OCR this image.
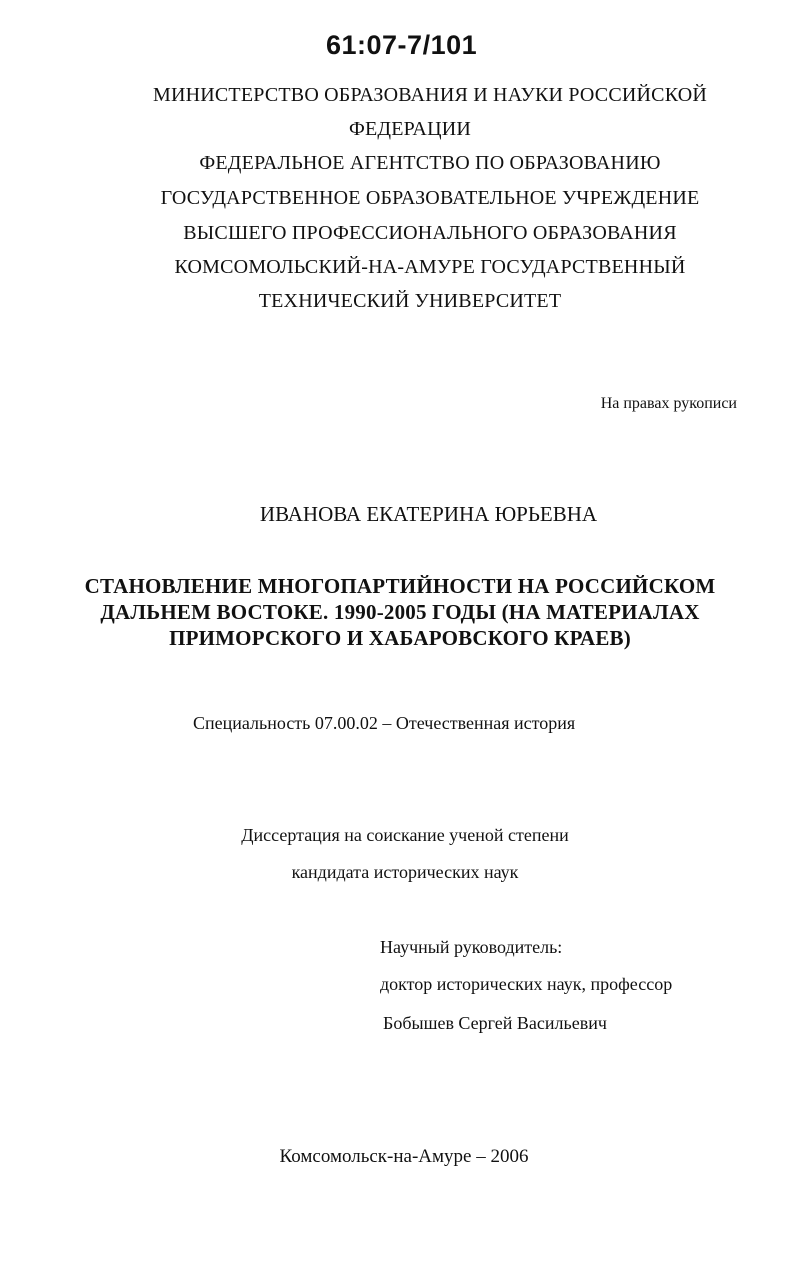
61:07-7/101
МИНИСТЕРСТВО ОБРАЗОВАНИЯ И НАУКИ РОССИЙСКОЙ
ФЕДЕРАЦИИ
ФЕДЕРАЛЬНОЕ АГЕНТСТВО ПО ОБРАЗОВАНИЮ
ГОСУДАРСТВЕННОЕ ОБРАЗОВАТЕЛЬНОЕ УЧРЕЖДЕНИЕ
ВЫСШЕГО ПРОФЕССИОНАЛЬНОГО ОБРАЗОВАНИЯ
КОМСОМОЛЬСКИЙ-НА-АМУРЕ ГОСУДАРСТВЕННЫЙ
ТЕХНИЧЕСКИЙ УНИВЕРСИТЕТ
На правах рукописи
ИВАНОВА ЕКАТЕРИНА ЮРЬЕВНА
СТАНОВЛЕНИЕ МНОГОПАРТИЙНОСТИ НА РОССИЙСКОМ
ДАЛЬНЕМ ВОСТОКЕ. 1990-2005 ГОДЫ (НА МАТЕРИАЛАХ
ПРИМОРСКОГО И ХАБАРОВСКОГО КРАЕВ)
Специальность 07.00.02 – Отечественная история
Диссертация на соискание ученой степени
кандидата исторических наук
Научный руководитель:
доктор исторических наук, профессор
Бобышев Сергей Васильевич
Комсомольск-на-Амуре – 2006
